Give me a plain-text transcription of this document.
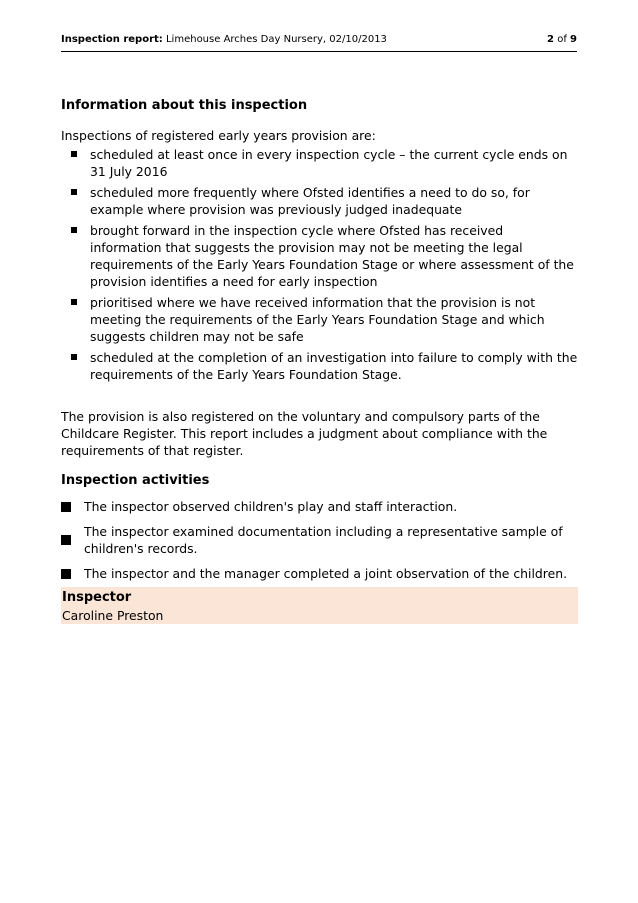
Inspection report: Limehouse Arches Day Nursery, 02/10/2013	2 of 9
Information about this inspection
Inspections of registered early years provision are:
scheduled at least once in every inspection cycle – the current cycle ends on 31 July 2016
scheduled more frequently where Ofsted identifies a need to do so, for example where provision was previously judged inadequate
brought forward in the inspection cycle where Ofsted has received information that suggests the provision may not be meeting the legal requirements of the Early Years Foundation Stage or where assessment of the provision identifies a need for early inspection
prioritised where we have received information that the provision is not meeting the requirements of the Early Years Foundation Stage and which suggests children may not be safe
scheduled at the completion of an investigation into failure to comply with the requirements of the Early Years Foundation Stage.
The provision is also registered on the voluntary and compulsory parts of the Childcare Register. This report includes a judgment about compliance with the requirements of that register.
Inspection activities
The inspector observed children's play and staff interaction.
The inspector examined documentation including a representative sample of children's records.
The inspector and the manager completed a joint observation of the children.
Inspector
Caroline Preston
